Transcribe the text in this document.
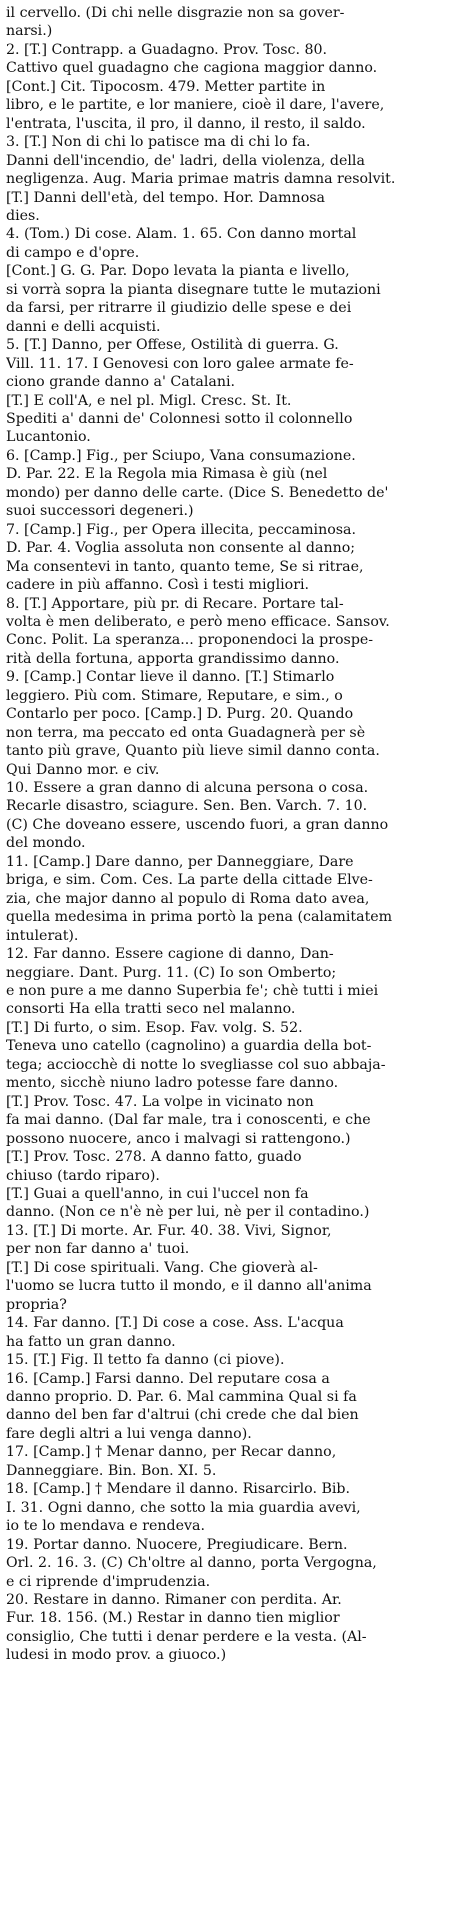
il cervello. (Di chi nelle disgrazie non sa gover-
narsi.)
2. [T.] Contrapp. a Guadagno. Prov. Tosc. 80.
Cattivo quel guadagno che cagiona maggior danno.
[Cont.] Cit. Tipocosm. 479. Metter partite in
libro, e le partite, e lor maniere, cioè il dare, l'avere,
l'entrata, l'uscita, il pro, il danno, il resto, il saldo.
3. [T.] Non di chi lo patisce ma di chi lo fa.
Danni dell'incendio, de' ladri, della violenza, della
negligenza. Aug. Maria primae matris damna resolvit.
[T.] Danni dell'età, del tempo. Hor. Damnosa
dies.
4. (Tom.) Di cose. Alam. 1. 65. Con danno mortal
di campo e d'opre.
[Cont.] G. G. Par. Dopo levata la pianta e livello,
si vorrà sopra la pianta disegnare tutte le mutazioni
da farsi, per ritrarre il giudizio delle spese e dei
danni e delli acquisti.
5. [T.] Danno, per Offese, Ostilità di guerra. G.
Vill. 11. 17. I Genovesi con loro galee armate fe-
ciono grande danno a' Catalani.
[T.] E coll'A, e nel pl. Migl. Cresc. St. It.
Spediti a' danni de' Colonnesi sotto il colonnello
Lucantonio.
6. [Camp.] Fig., per Sciupo, Vana consumazione.
D. Par. 22. E la Regola mia Rimasa è giù (nel
mondo) per danno delle carte. (Dice S. Benedetto de'
suoi successori degeneri.)
7. [Camp.] Fig., per Opera illecita, peccaminosa.
D. Par. 4. Voglia assoluta non consente al danno;
Ma consentevi in tanto, quanto teme, Se si ritrae,
cadere in più affanno. Così i testi migliori.
8. [T.] Apportare, più pr. di Recare. Portare tal-
volta è men deliberato, e però meno efficace. Sansov.
Conc. Polit. La speranza... proponendoci la prospe-
rità della fortuna, apporta grandissimo danno.
9. [Camp.] Contar lieve il danno. [T.] Stimarlo
leggiero. Più com. Stimare, Reputare, e sim., o
Contarlo per poco. [Camp.] D. Purg. 20. Quando
non terra, ma peccato ed onta Guadagnerà per sè
tanto più grave, Quanto più lieve simil danno conta.
Qui Danno mor. e civ.
10. Essere a gran danno di alcuna persona o cosa.
Recarle disastro, sciagure. Sen. Ben. Varch. 7. 10.
(C) Che doveano essere, uscendo fuori, a gran danno
del mondo.
11. [Camp.] Dare danno, per Danneggiare, Dare
briga, e sim. Com. Ces. La parte della cittade Elve-
zia, che major danno al populo di Roma dato avea,
quella medesima in prima portò la pena (calamitatem
intulerat).
12. Far danno. Essere cagione di danno, Dan-
neggiare. Dant. Purg. 11. (C) Io son Omberto;
e non pure a me danno Superbia fe'; chè tutti i miei
consorti Ha ella tratti seco nel malanno.
[T.] Di furto, o sim. Esop. Fav. volg. S. 52.
Teneva uno catello (cagnolino) a guardia della bot-
tega; acciocchè di notte lo svegliasse col suo abbaja-
mento, sicchè niuno ladro potesse fare danno.
[T.] Prov. Tosc. 47. La volpe in vicinato non
fa mai danno. (Dal far male, tra i conoscenti, e che
possono nuocere, anco i malvagi si rattengono.)
[T.] Prov. Tosc. 278. A danno fatto, guado
chiuso (tardo riparo).
[T.] Guai a quell'anno, in cui l'uccel non fa
danno. (Non ce n'è nè per lui, nè per il contadino.)
13. [T.] Di morte. Ar. Fur. 40. 38. Vivi, Signor,
per non far danno a' tuoi.
[T.] Di cose spirituali. Vang. Che gioverà al-
l'uomo se lucra tutto il mondo, e il danno all'anima
propria?
14. Far danno. [T.] Di cose a cose. Ass. L'acqua
ha fatto un gran danno.
15. [T.] Fig. Il tetto fa danno (ci piove).
16. [Camp.] Farsi danno. Del reputare cosa a
danno proprio. D. Par. 6. Mal cammina Qual si fa
danno del ben far d'altrui (chi crede che dal bien
fare degli altri a lui venga danno).
17. [Camp.] † Menar danno, per Recar danno,
Danneggiare. Bin. Bon. XI. 5.
18. [Camp.] † Mendare il danno. Risarcirlo. Bib.
I. 31. Ogni danno, che sotto la mia guardia avevi,
io te lo mendava e rendeva.
19. Portar danno. Nuocere, Pregiudicare. Bern.
Orl. 2. 16. 3. (C) Ch'oltre al danno, porta Vergogna,
e ci riprende d'imprudenzia.
20. Restare in danno. Rimaner con perdita. Ar.
Fur. 18. 156. (M.) Restar in danno tien miglior
consiglio, Che tutti i denar perdere e la vesta. (Al-
ludesi in modo prov. a giuoco.)
